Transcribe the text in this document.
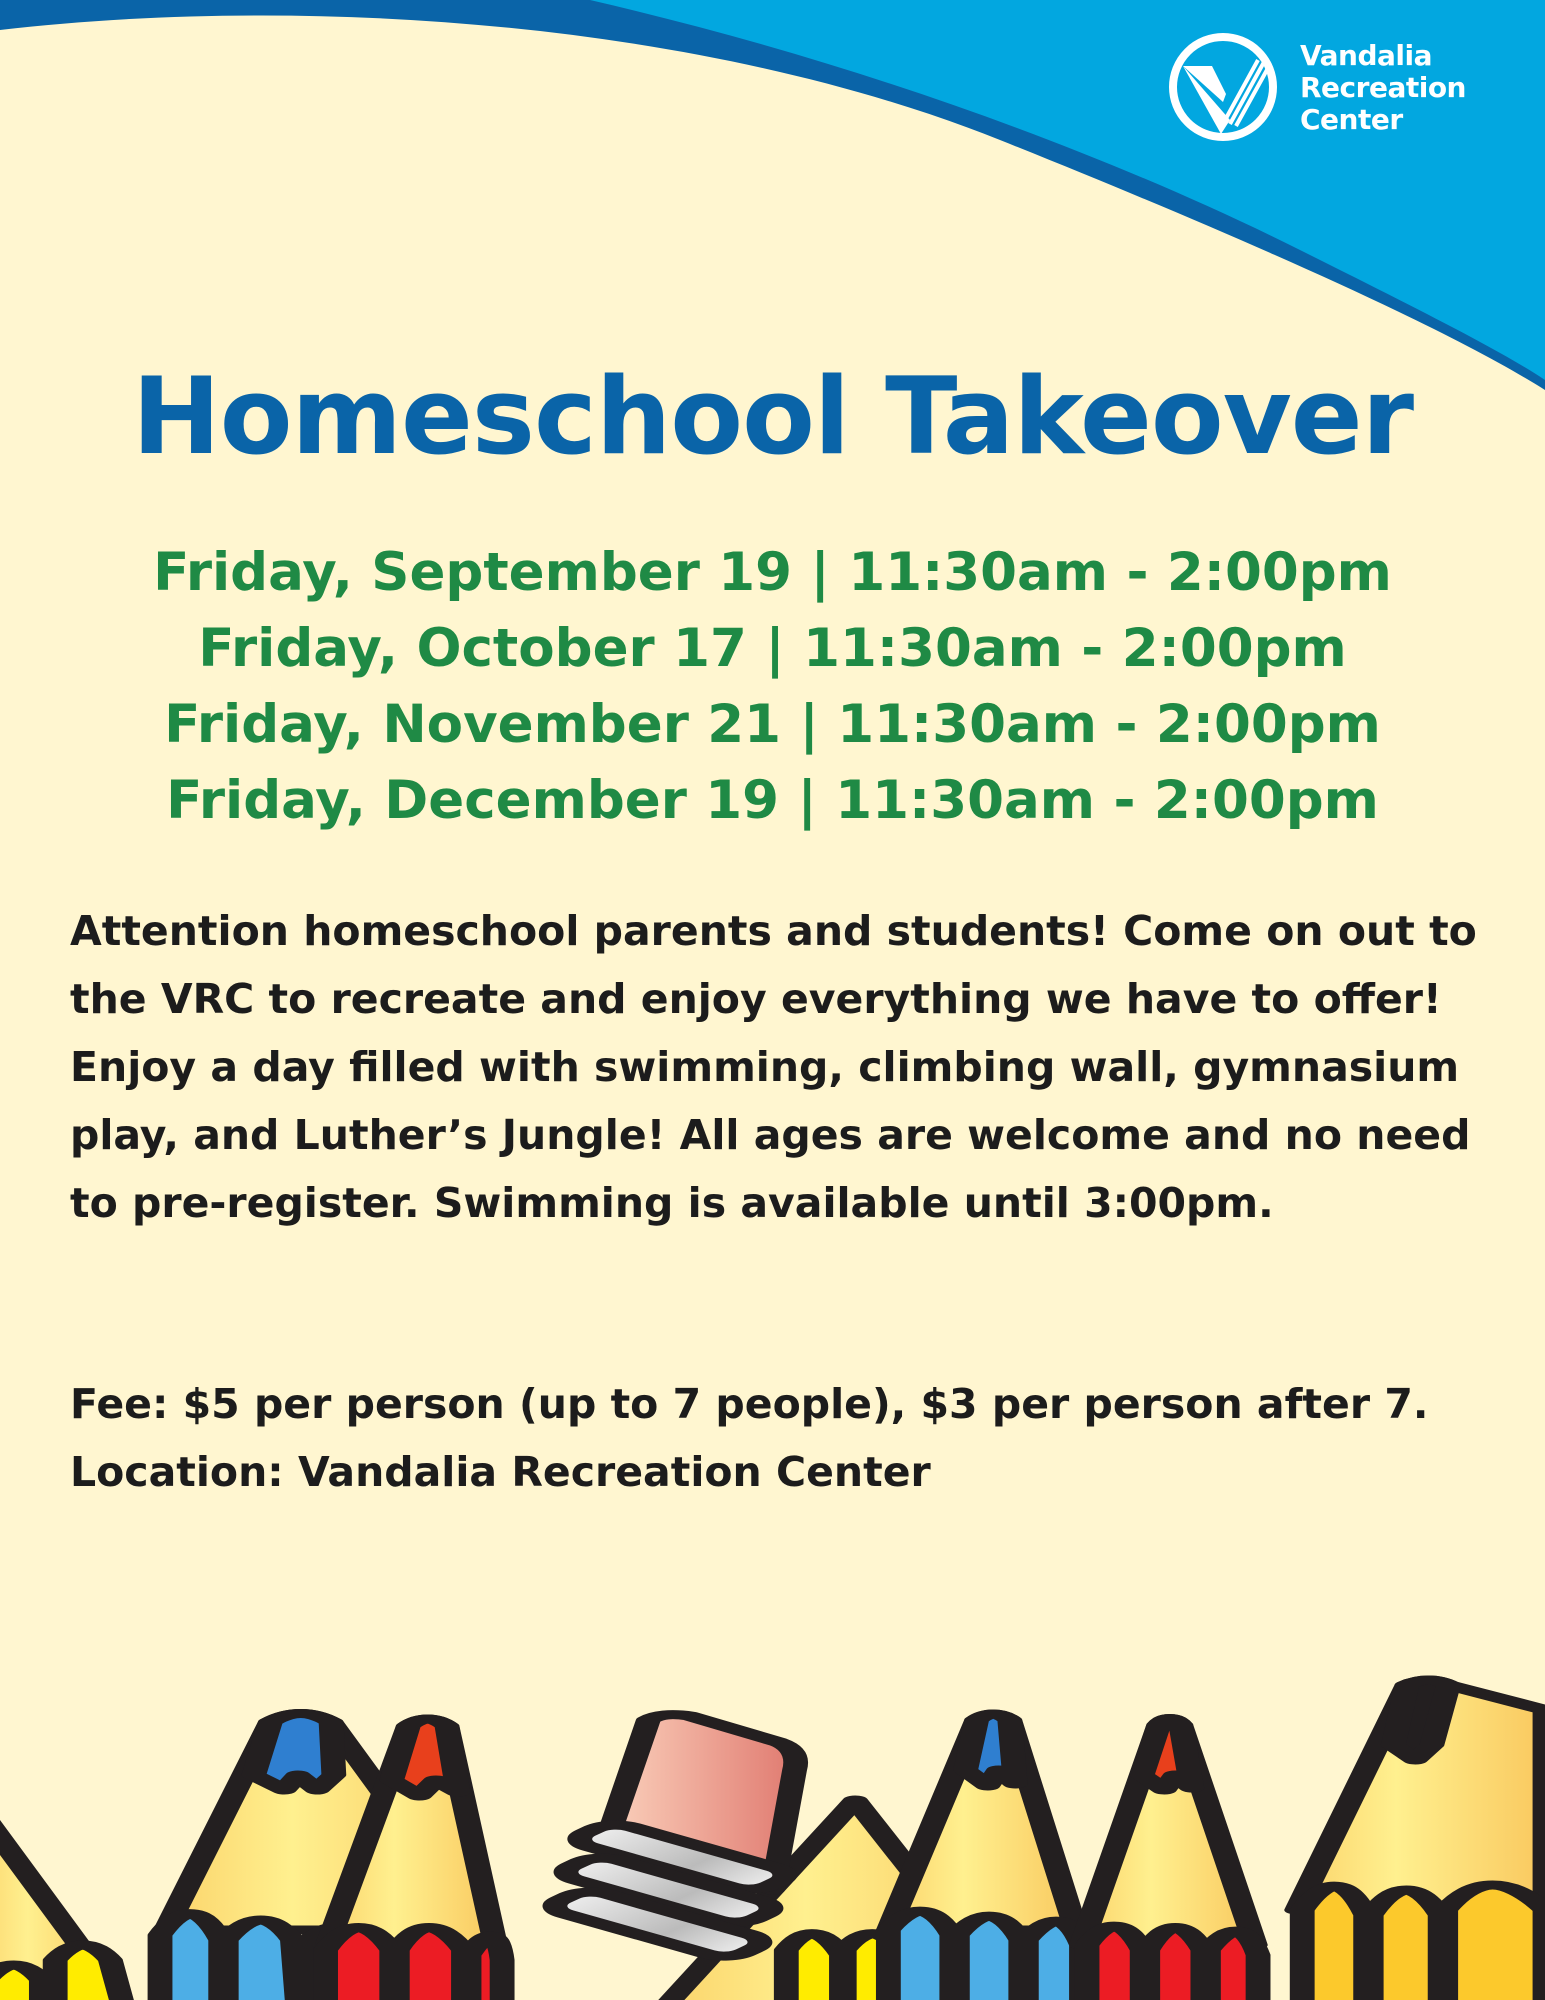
Vandalia
Recreation
Center
Homeschool Takeover
Friday, September 19 | 11:30am - 2:00pm
Friday, October 17 | 11:30am - 2:00pm
Friday, November 21 | 11:30am - 2:00pm
Friday, December 19 | 11:30am - 2:00pm
Attention homeschool parents and students! Come on out to the VRC to recreate and enjoy everything we have to offer! Enjoy a day filled with swimming, climbing wall, gymnasium play, and Luther’s Jungle! All ages are welcome and no need to pre-register. Swimming is available until 3:00pm.
Fee: $5 per person (up to 7 people), $3 per person after 7.
Location: Vandalia Recreation Center
